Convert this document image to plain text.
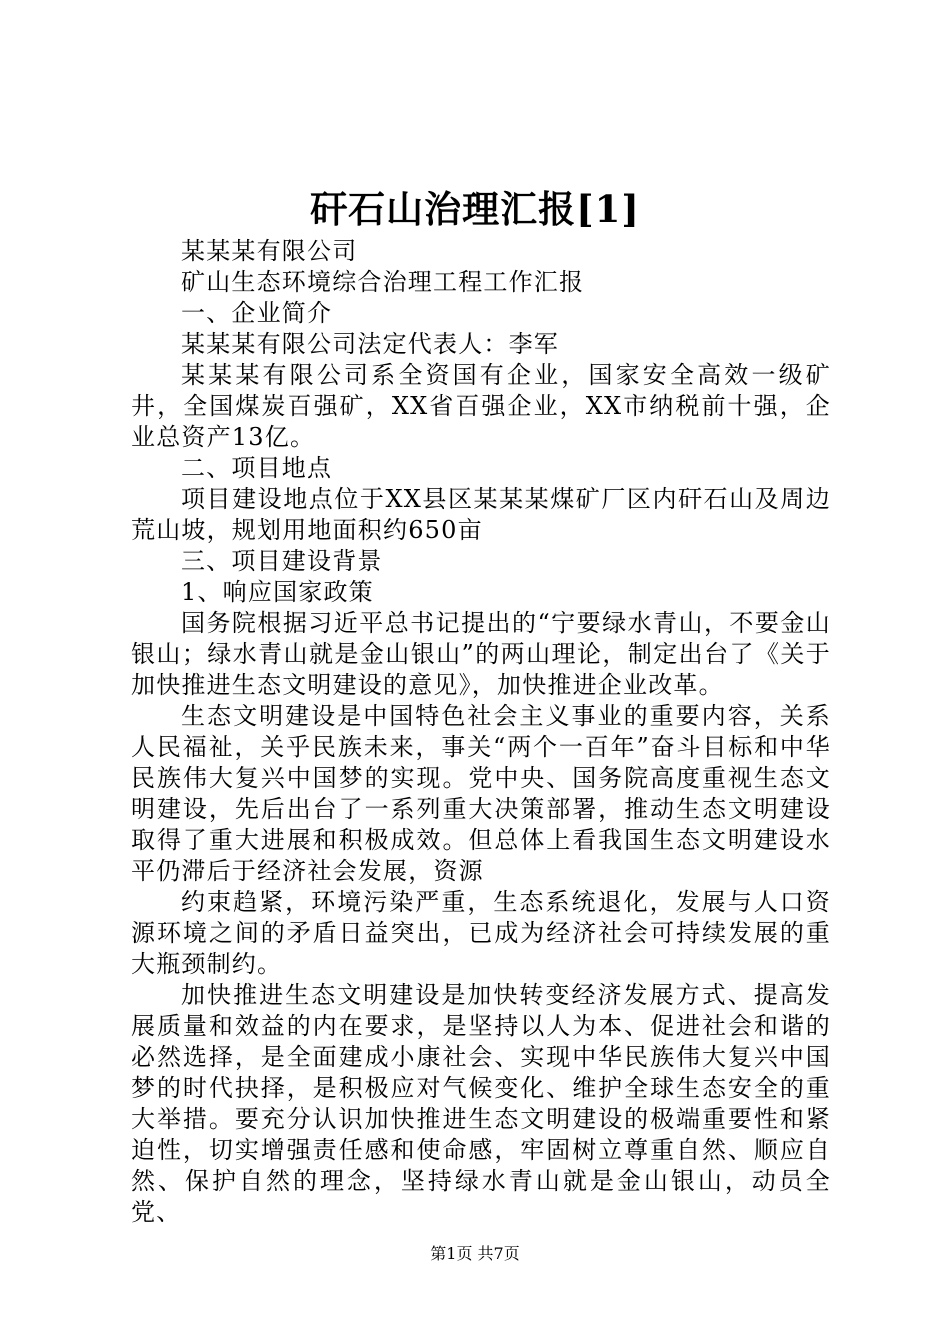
矸石山治理汇报[1]

某某某有限公司

矿山生态环境综合治理工程工作汇报

一、企业简介

某某某有限公司法定代表人：李军

某某某有限公司系全资国有企业，国家安全高效一级矿井，全国煤炭百强矿，XX省百强企业，XX市纳税前十强，企业总资产13亿。

二、项目地点

项目建设地点位于XX县区某某某煤矿厂区内矸石山及周边荒山坡，规划用地面积约650亩

三、项目建设背景

1、响应国家政策

国务院根据习近平总书记提出的“宁要绿水青山，不要金山银山；绿水青山就是金山银山”的两山理论，制定出台了《关于加快推进生态文明建设的意见》，加快推进企业改革。

生态文明建设是中国特色社会主义事业的重要内容，关系人民福祉，关乎民族未来，事关“两个一百年”奋斗目标和中华民族伟大复兴中国梦的实现。党中央、国务院高度重视生态文明建设，先后出台了一系列重大决策部署，推动生态文明建设取得了重大进展和积极成效。但总体上看我国生态文明建设水平仍滞后于经济社会发展，资源

约束趋紧，环境污染严重，生态系统退化，发展与人口资源环境之间的矛盾日益突出，已成为经济社会可持续发展的重大瓶颈制约。

加快推进生态文明建设是加快转变经济发展方式、提高发展质量和效益的内在要求，是坚持以人为本、促进社会和谐的必然选择，是全面建成小康社会、实现中华民族伟大复兴中国梦的时代抉择，是积极应对气候变化、维护全球生态安全的重大举措。要充分认识加快推进生态文明建设的极端重要性和紧迫性，切实增强责任感和使命感，牢固树立尊重自然、顺应自然、保护自然的理念，坚持绿水青山就是金山银山，动员全党、

第1页 共7页
